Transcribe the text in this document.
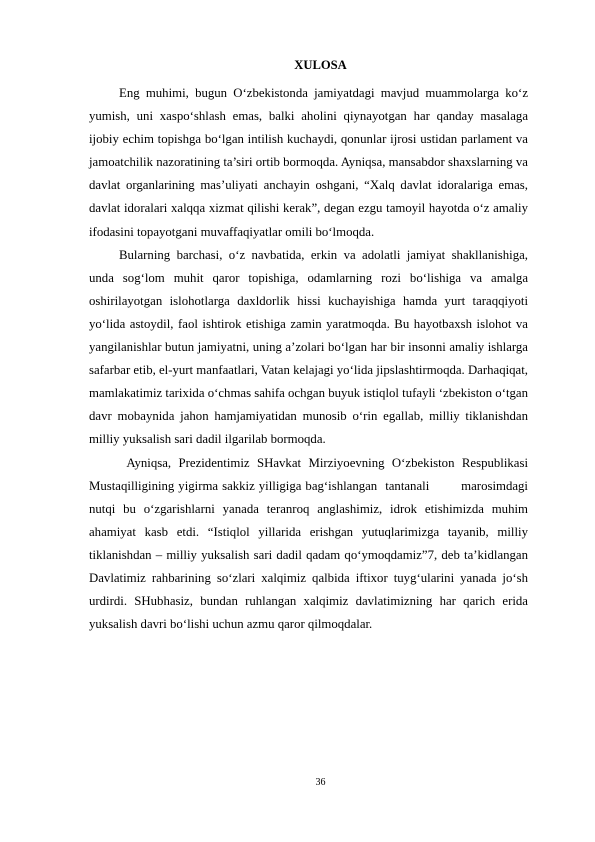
XULOSA

Eng muhimi, bugun O‘zbekistonda jamiyatdagi mavjud muammolarga ko‘z yumish, uni xaspo‘shlash emas, balki aholini qiynayotgan har qanday masalaga ijobiy echim topishga bo‘lgan intilish kuchaydi, qonunlar ijrosi ustidan parlament va jamoatchilik nazoratining ta’siri ortib bormoqda. Ayniqsa, mansabdor shaxslarning va davlat organlarining mas’uliyati anchayin oshgani, “Xalq davlat idoralariga emas, davlat idoralari xalqqa xizmat qilishi kerak”, degan ezgu tamoyil hayotda o‘z amaliy ifodasini topayotgani muvaffaqiyatlar omili bo‘lmoqda.

Bularning barchasi, o‘z navbatida, erkin va adolatli jamiyat shakllanishiga, unda sog‘lom muhit qaror topishiga, odamlarning rozi bo‘lishiga va amalga oshirilayotgan islohotlarga daxldorlik hissi kuchayishiga hamda yurt taraqqiyoti yo‘lida astoydil, faol ishtirok etishiga zamin yaratmoqda. Bu hayotbaxsh islohot va yangilanishlar butun jamiyatni, uning a’zolari bo‘lgan har bir insonni amaliy ishlarga safarbar etib, el-yurt manfaatlari, Vatan kelajagi yo‘lida jipslashtirmoqda. Darhaqiqat, mamlakatimiz tarixida o‘chmas sahifa ochgan buyuk istiqlol tufayli ‘zbekiston o‘tgan davr mobaynida jahon hamjamiyatidan munosib o‘rin egallab, milliy tiklanishdan milliy yuksalish sari dadil ilgarilab bormoqda.

Ayniqsa, Prezidentimiz SHavkat Mirziyoevning O‘zbekiston Respublikasi Mustaqilligining yigirma sakkiz yilligiga bag‘ishlangan  tantanali        marosimdagi nutqi bu o‘zgarishlarni yanada teranroq anglashimiz, idrok etishimizda muhim ahamiyat kasb etdi. “Istiqlol yillarida erishgan yutuqlarimizga tayanib, milliy tiklanishdan – milliy yuksalish sari dadil qadam qo‘ymoqdamiz”7, deb ta’kidlangan Davlatimiz rahbarining so‘zlari xalqimiz qalbida iftixor tuyg‘ularini yanada jo‘sh urdirdi. SHubhasiz, bundan ruhlangan xalqimiz davlatimizning har qarich erida yuksalish davri bo‘lishi uchun azmu qaror qilmoqdalar.

36
